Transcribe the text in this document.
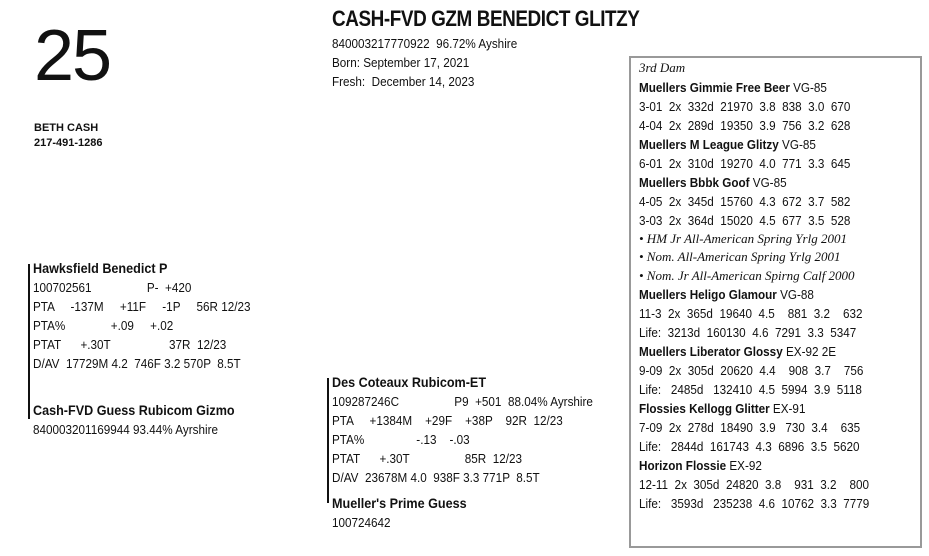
25
BETH CASH
217-491-1286
CASH-FVD GZM BENEDICT GLITZY
840003217770922  96.72% Ayshire
Born: September 17, 2021
Fresh:  December 14, 2023
Hawksfield Benedict P
100702561                 P-  +420
PTA     -137M     +11F     -1P     56R 12/23
PTA%              +.09     +.02
PTAT      +.30T                  37R  12/23
D/AV  17729M 4.2  746F 3.2 570P  8.5T
Cash-FVD Guess Rubicom Gizmo
840003201169944 93.44% Ayrshire
Des Coteaux Rubicom-ET
109287246C                 P9  +501  88.04% Ayrshire
PTA     +1384M    +29F    +38P    92R  12/23
PTA%                -.13    -.03
PTAT      +.30T                 85R  12/23
D/AV  23678M 4.0  938F 3.3 771P  8.5T
Mueller's Prime Guess
100724642
3rd Dam
Muellers Gimmie Free Beer VG-85
3-01  2x  332d  21970  3.8  838  3.0  670
4-04  2x  289d  19350  3.9  756  3.2  628
Muellers M League Glitzy VG-85
6-01  2x  310d  19270  4.0  771  3.3  645
Muellers Bbbk Goof VG-85
4-05  2x  345d  15760  4.3  672  3.7  582
3-03  2x  364d  15020  4.5  677  3.5  528
• HM Jr All-American Spring Yrlg 2001
• Nom. All-American Spring Yrlg 2001
• Nom. Jr All-American Spirng Calf 2000
Muellers Heligo Glamour VG-88
11-3  2x  365d  19640  4.5    881  3.2    632
Life:  3213d  160130  4.6  7291  3.3  5347
Muellers Liberator Glossy EX-92 2E
9-09  2x  305d  20620  4.4    908  3.7    756
Life:   2485d   132410  4.5  5994  3.9  5118
Flossies Kellogg Glitter EX-91
7-09  2x  278d  18490  3.9   730  3.4    635
Life:   2844d  161743  4.3  6896  3.5  5620
Horizon Flossie EX-92
12-11  2x  305d  24820  3.8    931  3.2    800
Life:   3593d   235238  4.6  10762  3.3  7779
